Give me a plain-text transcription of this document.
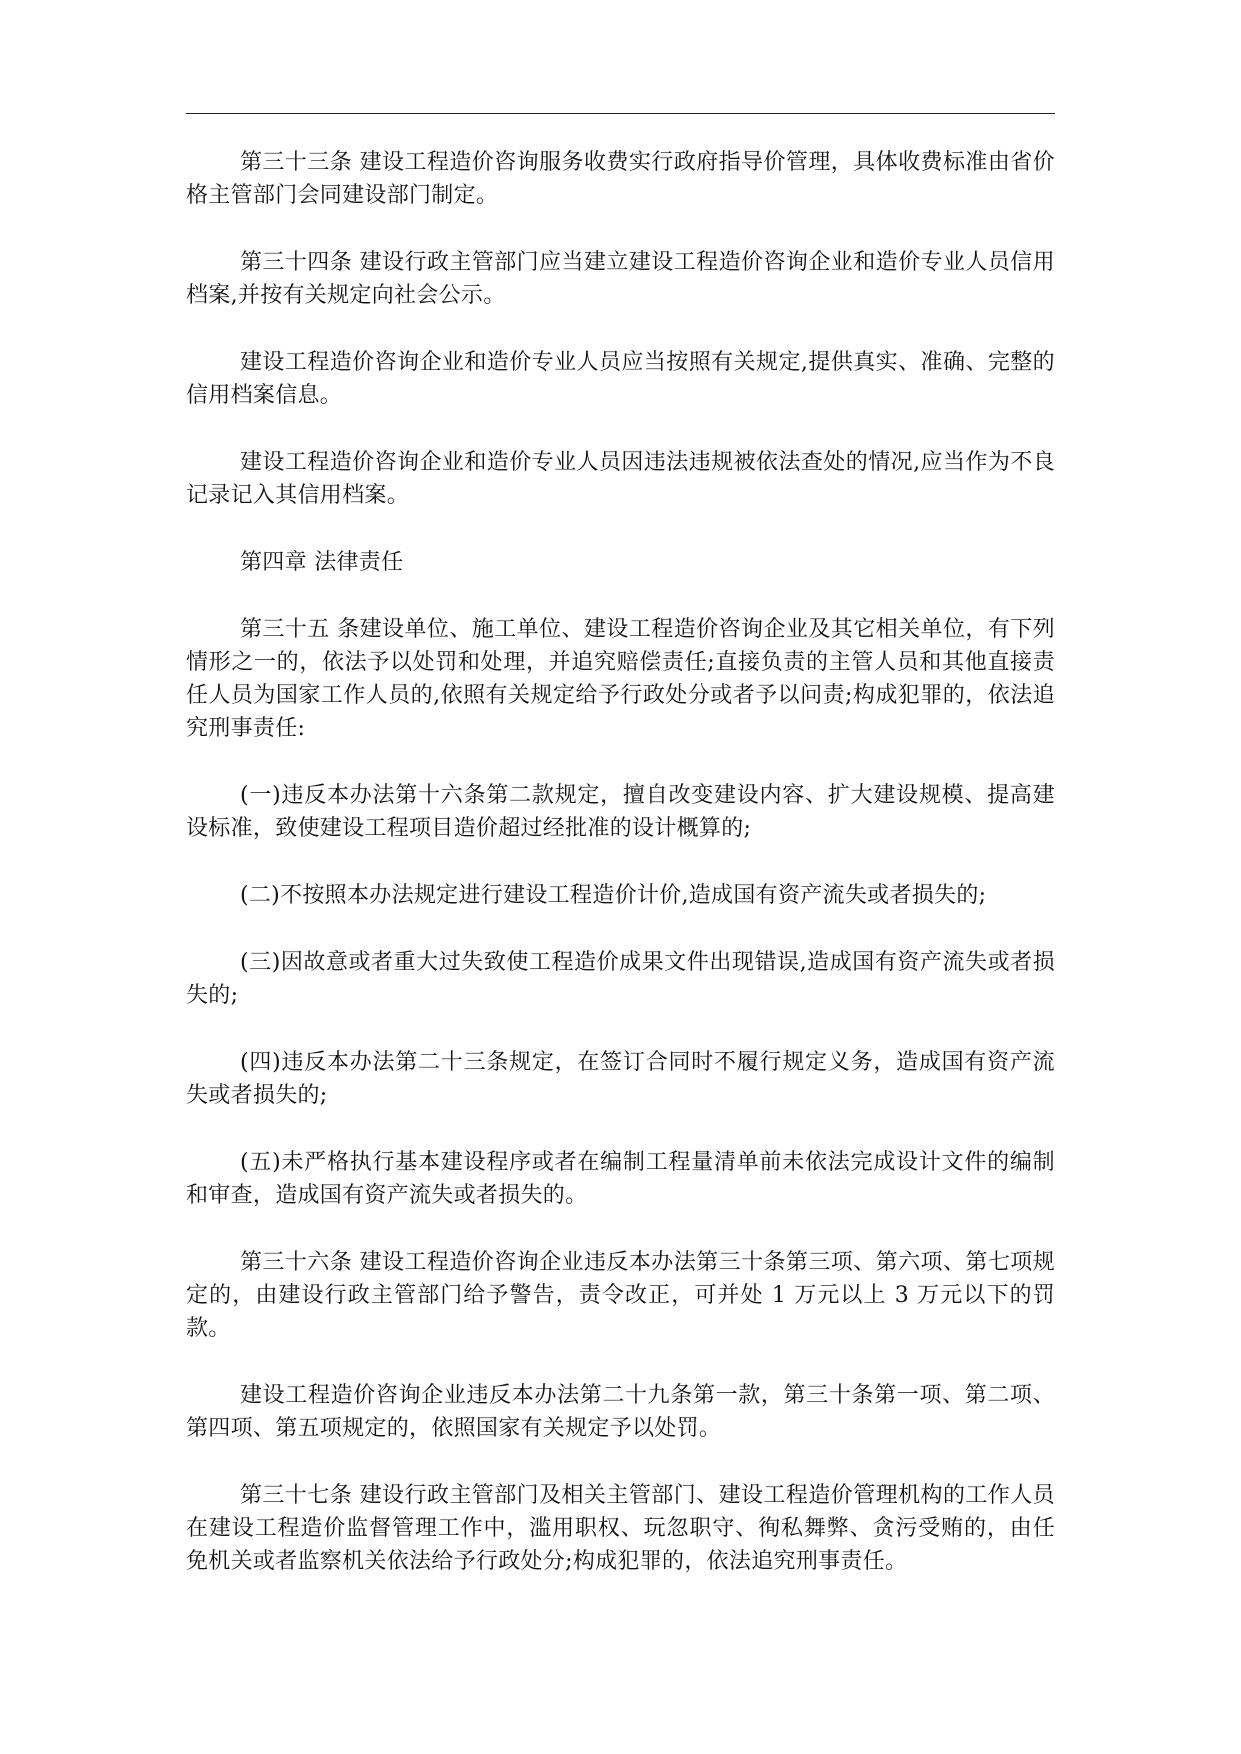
第三十三条 建设工程造价咨询服务收费实行政府指导价管理，具体收费标准由省价格主管部门会同建设部门制定。

第三十四条 建设行政主管部门应当建立建设工程造价咨询企业和造价专业人员信用档案,并按有关规定向社会公示。

建设工程造价咨询企业和造价专业人员应当按照有关规定,提供真实、准确、完整的信用档案信息。

建设工程造价咨询企业和造价专业人员因违法违规被依法查处的情况,应当作为不良记录记入其信用档案。

第四章 法律责任

第三十五 条建设单位、施工单位、建设工程造价咨询企业及其它相关单位，有下列情形之一的，依法予以处罚和处理，并追究赔偿责任;直接负责的主管人员和其他直接责任人员为国家工作人员的,依照有关规定给予行政处分或者予以问责;构成犯罪的，依法追究刑事责任:

(一)违反本办法第十六条第二款规定，擅自改变建设内容、扩大建设规模、提高建设标准，致使建设工程项目造价超过经批准的设计概算的;

(二)不按照本办法规定进行建设工程造价计价,造成国有资产流失或者损失的;

(三)因故意或者重大过失致使工程造价成果文件出现错误,造成国有资产流失或者损失的;

(四)违反本办法第二十三条规定，在签订合同时不履行规定义务，造成国有资产流失或者损失的;

(五)未严格执行基本建设程序或者在编制工程量清单前未依法完成设计文件的编制和审查，造成国有资产流失或者损失的。

第三十六条 建设工程造价咨询企业违反本办法第三十条第三项、第六项、第七项规定的，由建设行政主管部门给予警告，责令改正，可并处 1 万元以上 3 万元以下的罚款。

建设工程造价咨询企业违反本办法第二十九条第一款，第三十条第一项、第二项、第四项、第五项规定的，依照国家有关规定予以处罚。

第三十七条 建设行政主管部门及相关主管部门、建设工程造价管理机构的工作人员在建设工程造价监督管理工作中，滥用职权、玩忽职守、徇私舞弊、贪污受贿的，由任免机关或者监察机关依法给予行政处分;构成犯罪的，依法追究刑事责任。
